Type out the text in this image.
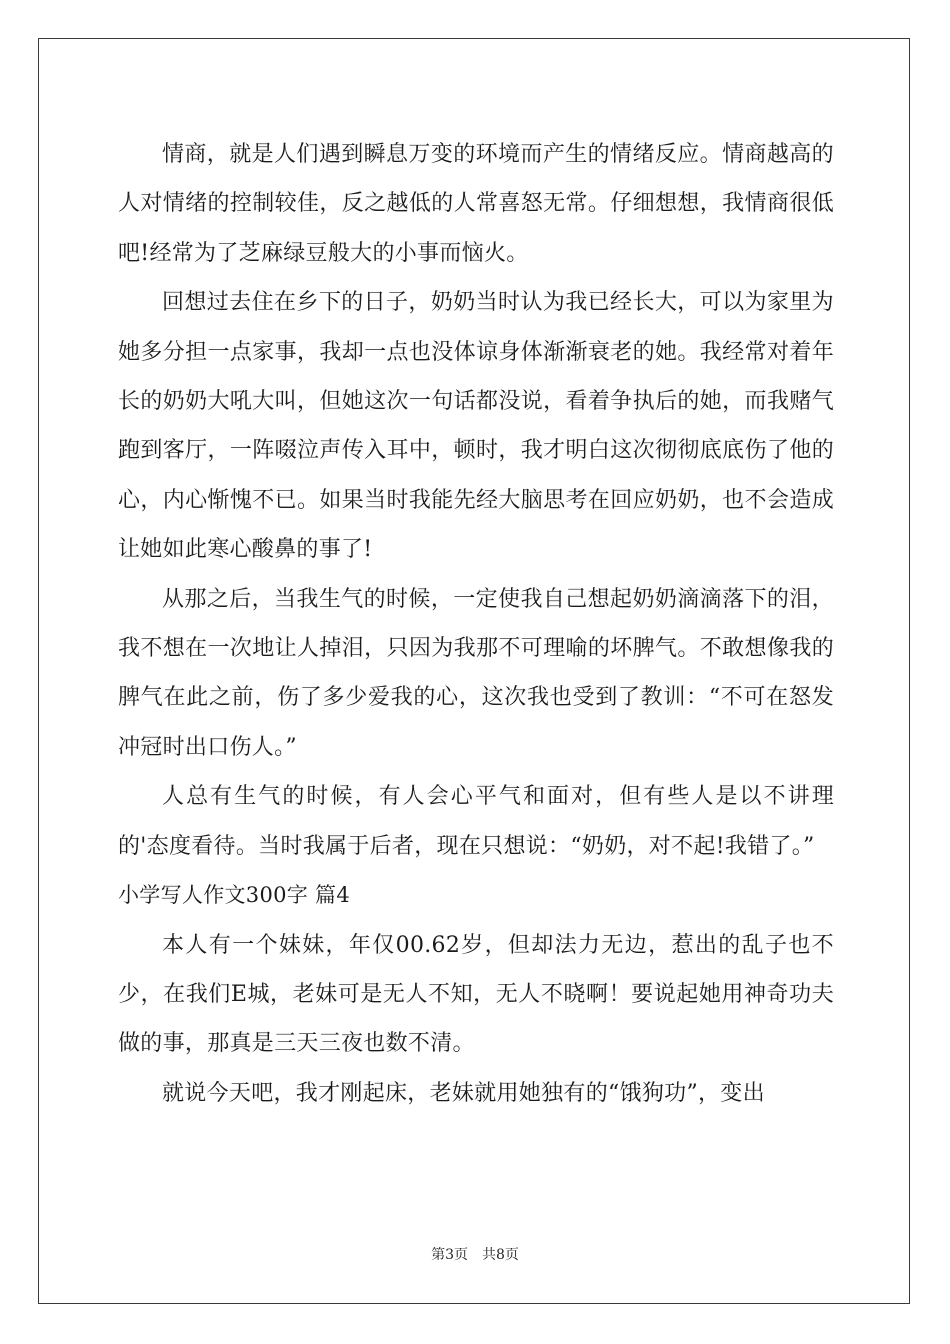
情商，就是人们遇到瞬息万变的环境而产生的情绪反应。情商越高的人对情绪的控制较佳，反之越低的人常喜怒无常。仔细想想，我情商很低吧!经常为了芝麻绿豆般大的小事而恼火。

回想过去住在乡下的日子，奶奶当时认为我已经长大，可以为家里为她多分担一点家事，我却一点也没体谅身体渐渐衰老的她。我经常对着年长的奶奶大吼大叫，但她这次一句话都没说，看着争执后的她，而我赌气跑到客厅，一阵啜泣声传入耳中，顿时，我才明白这次彻彻底底伤了他的心，内心惭愧不已。如果当时我能先经大脑思考在回应奶奶，也不会造成让她如此寒心酸鼻的事了!

从那之后，当我生气的时候，一定使我自己想起奶奶滴滴落下的泪，我不想在一次地让人掉泪，只因为我那不可理喻的坏脾气。不敢想像我的脾气在此之前，伤了多少爱我的心，这次我也受到了教训：“不可在怒发冲冠时出口伤人。”

人总有生气的时候，有人会心平气和面对，但有些人是以不讲理的'态度看待。当时我属于后者，现在只想说：“奶奶，对不起!我错了。”

小学写人作文300字 篇4

本人有一个妹妹，年仅00.62岁，但却法力无边，惹出的乱子也不少，在我们E城，老妹可是无人不知，无人不晓啊！要说起她用神奇功夫做的事，那真是三天三夜也数不清。

就说今天吧，我才刚起床，老妹就用她独有的“饿狗功”，变出

第3页　共8页
